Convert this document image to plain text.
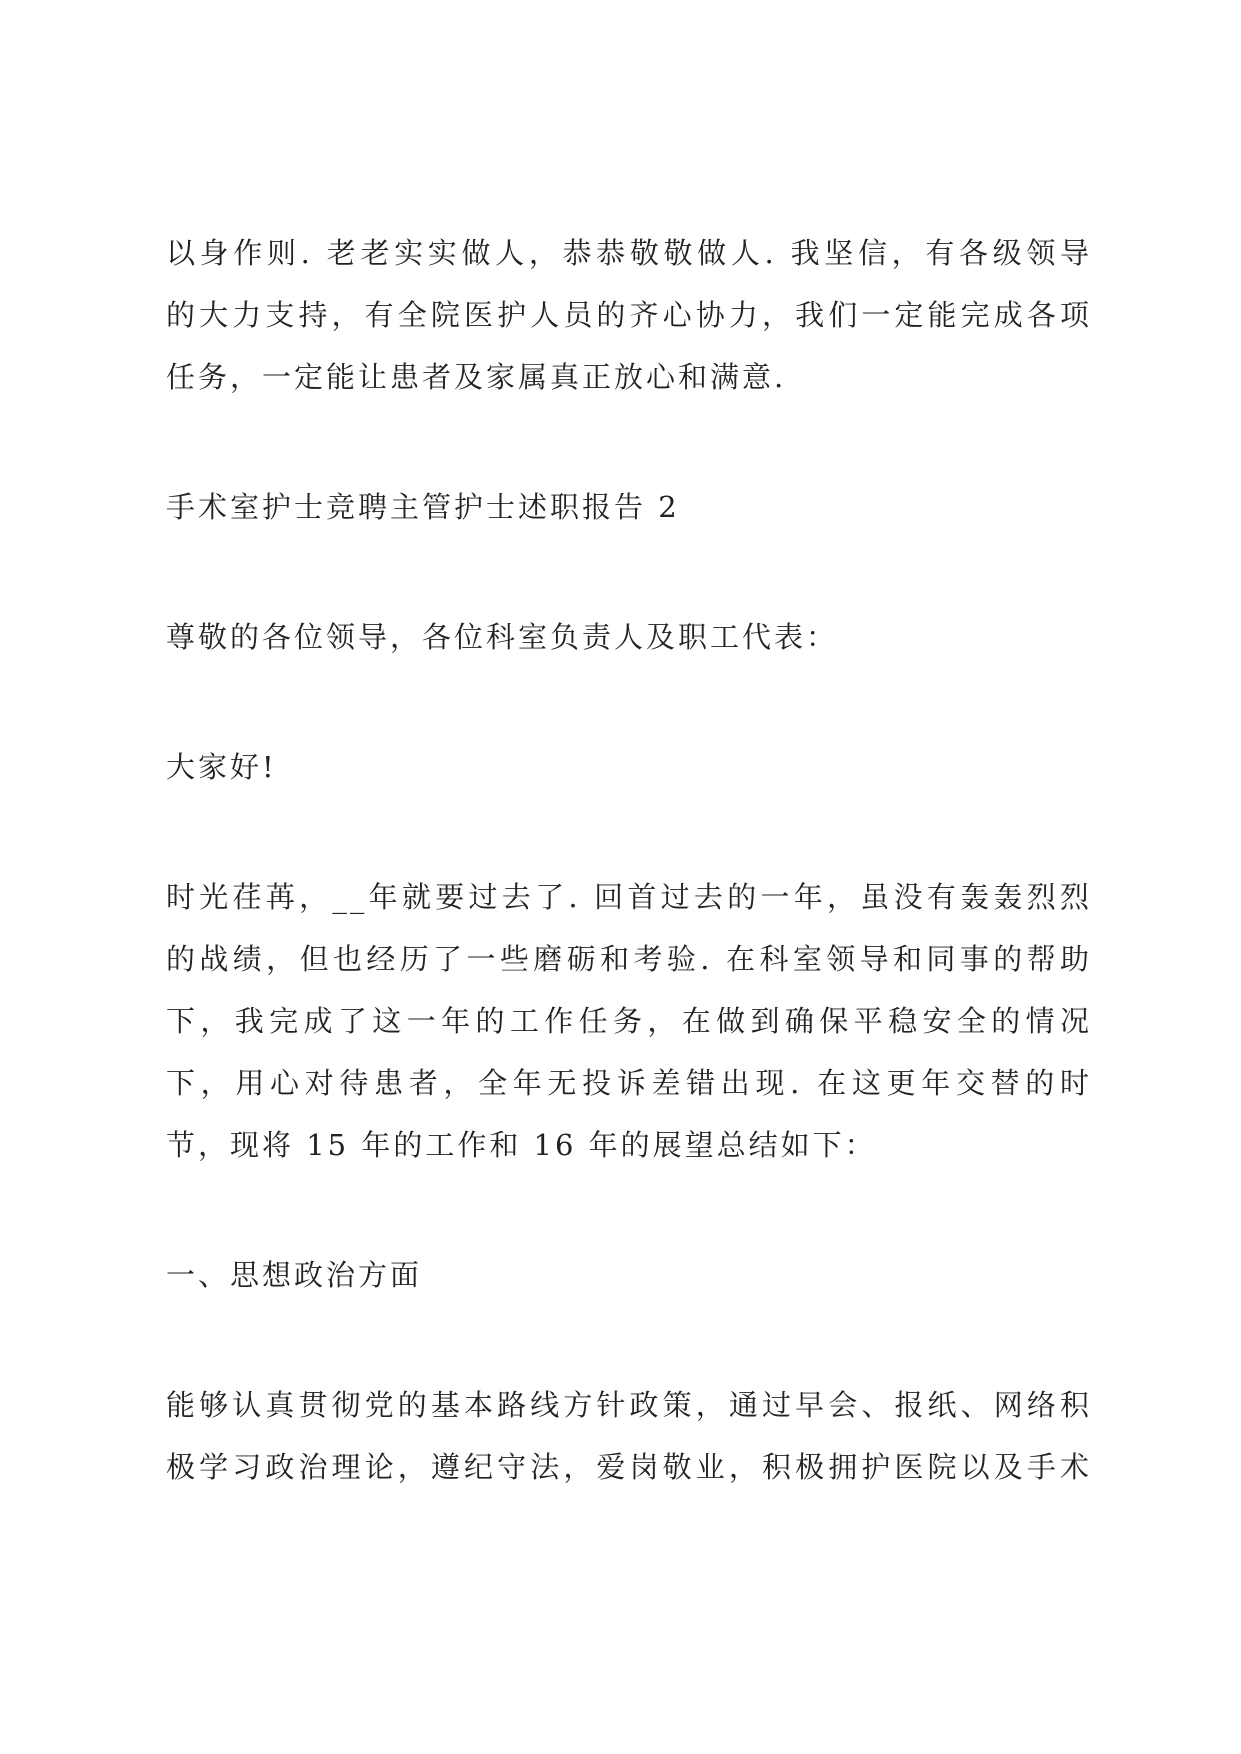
以身作则. 老老实实做人，恭恭敬敬做人. 我坚信，有各级领导
的大力支持，有全院医护人员的齐心协力，我们一定能完成各项
任务，一定能让患者及家属真正放心和满意.
手术室护士竞聘主管护士述职报告 2
尊敬的各位领导，各位科室负责人及职工代表：
大家好!
时光荏苒，__年就要过去了. 回首过去的一年，虽没有轰轰烈烈
的战绩，但也经历了一些磨砺和考验. 在科室领导和同事的帮助
下，我完成了这一年的工作任务，在做到确保平稳安全的情况
下，用心对待患者，全年无投诉差错出现. 在这更年交替的时
节，现将 15 年的工作和 16 年的展望总结如下：
一、思想政治方面
能够认真贯彻党的基本路线方针政策，通过早会、报纸、网络积
极学习政治理论，遵纪守法，爱岗敬业，积极拥护医院以及手术
